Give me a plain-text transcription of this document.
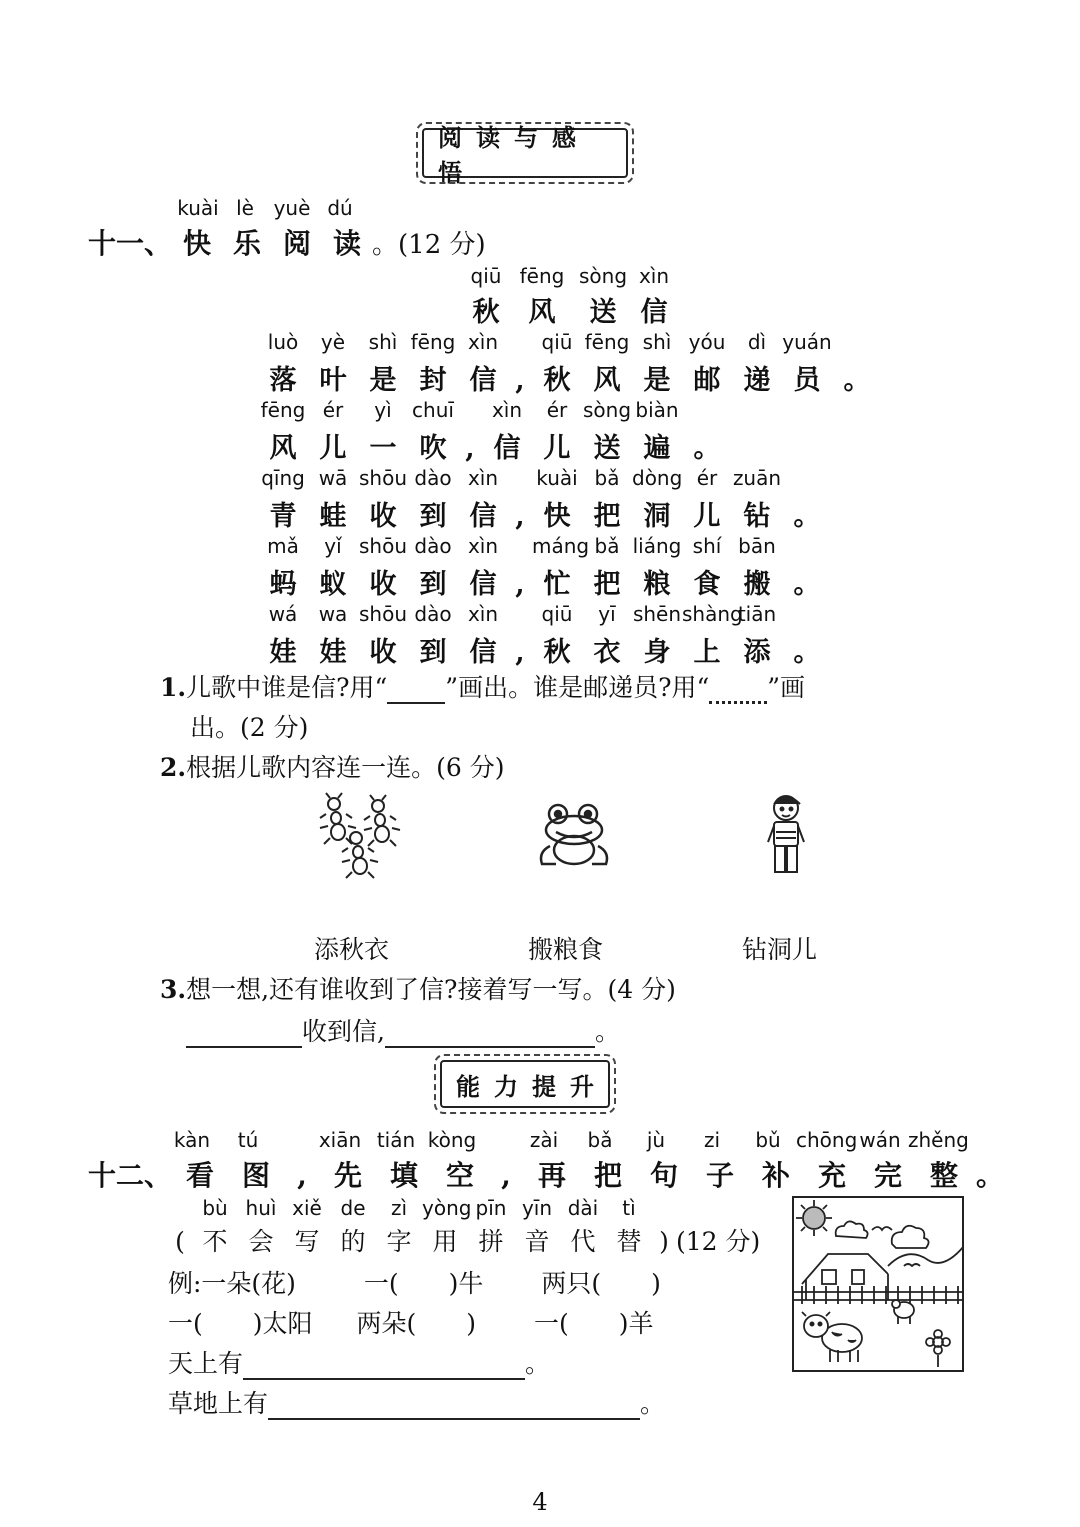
阅读与感悟
kuài lè yuè dú
十一、 快 乐 阅 读 。(12 分)
qiū fēng sòng xìn
秋 风 送 信
luò yè shì fēng xìn qiū fēng shì yóu dì yuán
落 叶 是 封 信 , 秋 风 是 邮 递 员 。
fēng ér yì chuī xìn ér sòng biàn
风 儿 一 吹 , 信 儿 送 遍 。
qīng wā shōu dào xìn kuài bǎ dòng ér zuān
青 蛙 收 到 信 , 快 把 洞 儿 钻 。
mǎ yǐ shōu dào xìn máng bǎ liáng shí bān
蚂 蚁 收 到 信 , 忙 把 粮 食 搬 。
wá wa shōu dào xìn qiū yī shēnshàngtiān
娃 娃 收 到 信 , 秋 衣 身 上 添 。
1.儿歌中谁是信?用“ ”画出。谁是邮递员?用“ ”画
出。(2 分)
2.根据儿歌内容连一连。(6 分)
添秋衣	搬粮食	钻洞儿
3.想一想,还有谁收到了信?接着写一写。(4 分)
收到信,	。
能力提升
kàn tú	xiān tián kòng	zài bǎ jù zi bǔ chōng wán zhěng
十二、 看 图 , 先 填 空 , 再 把 句 子 补 充 完 整 。
bù huì xiě de zì yòng pīn yīn dài tì
( 不 会 写 的 字 用 拼 音 代 替 ) (12 分)
例:一朵(花)	一( )牛 两只( )
一( )太阳 两朵( ) 一( )羊
天上有	。
草地上有	。
4
